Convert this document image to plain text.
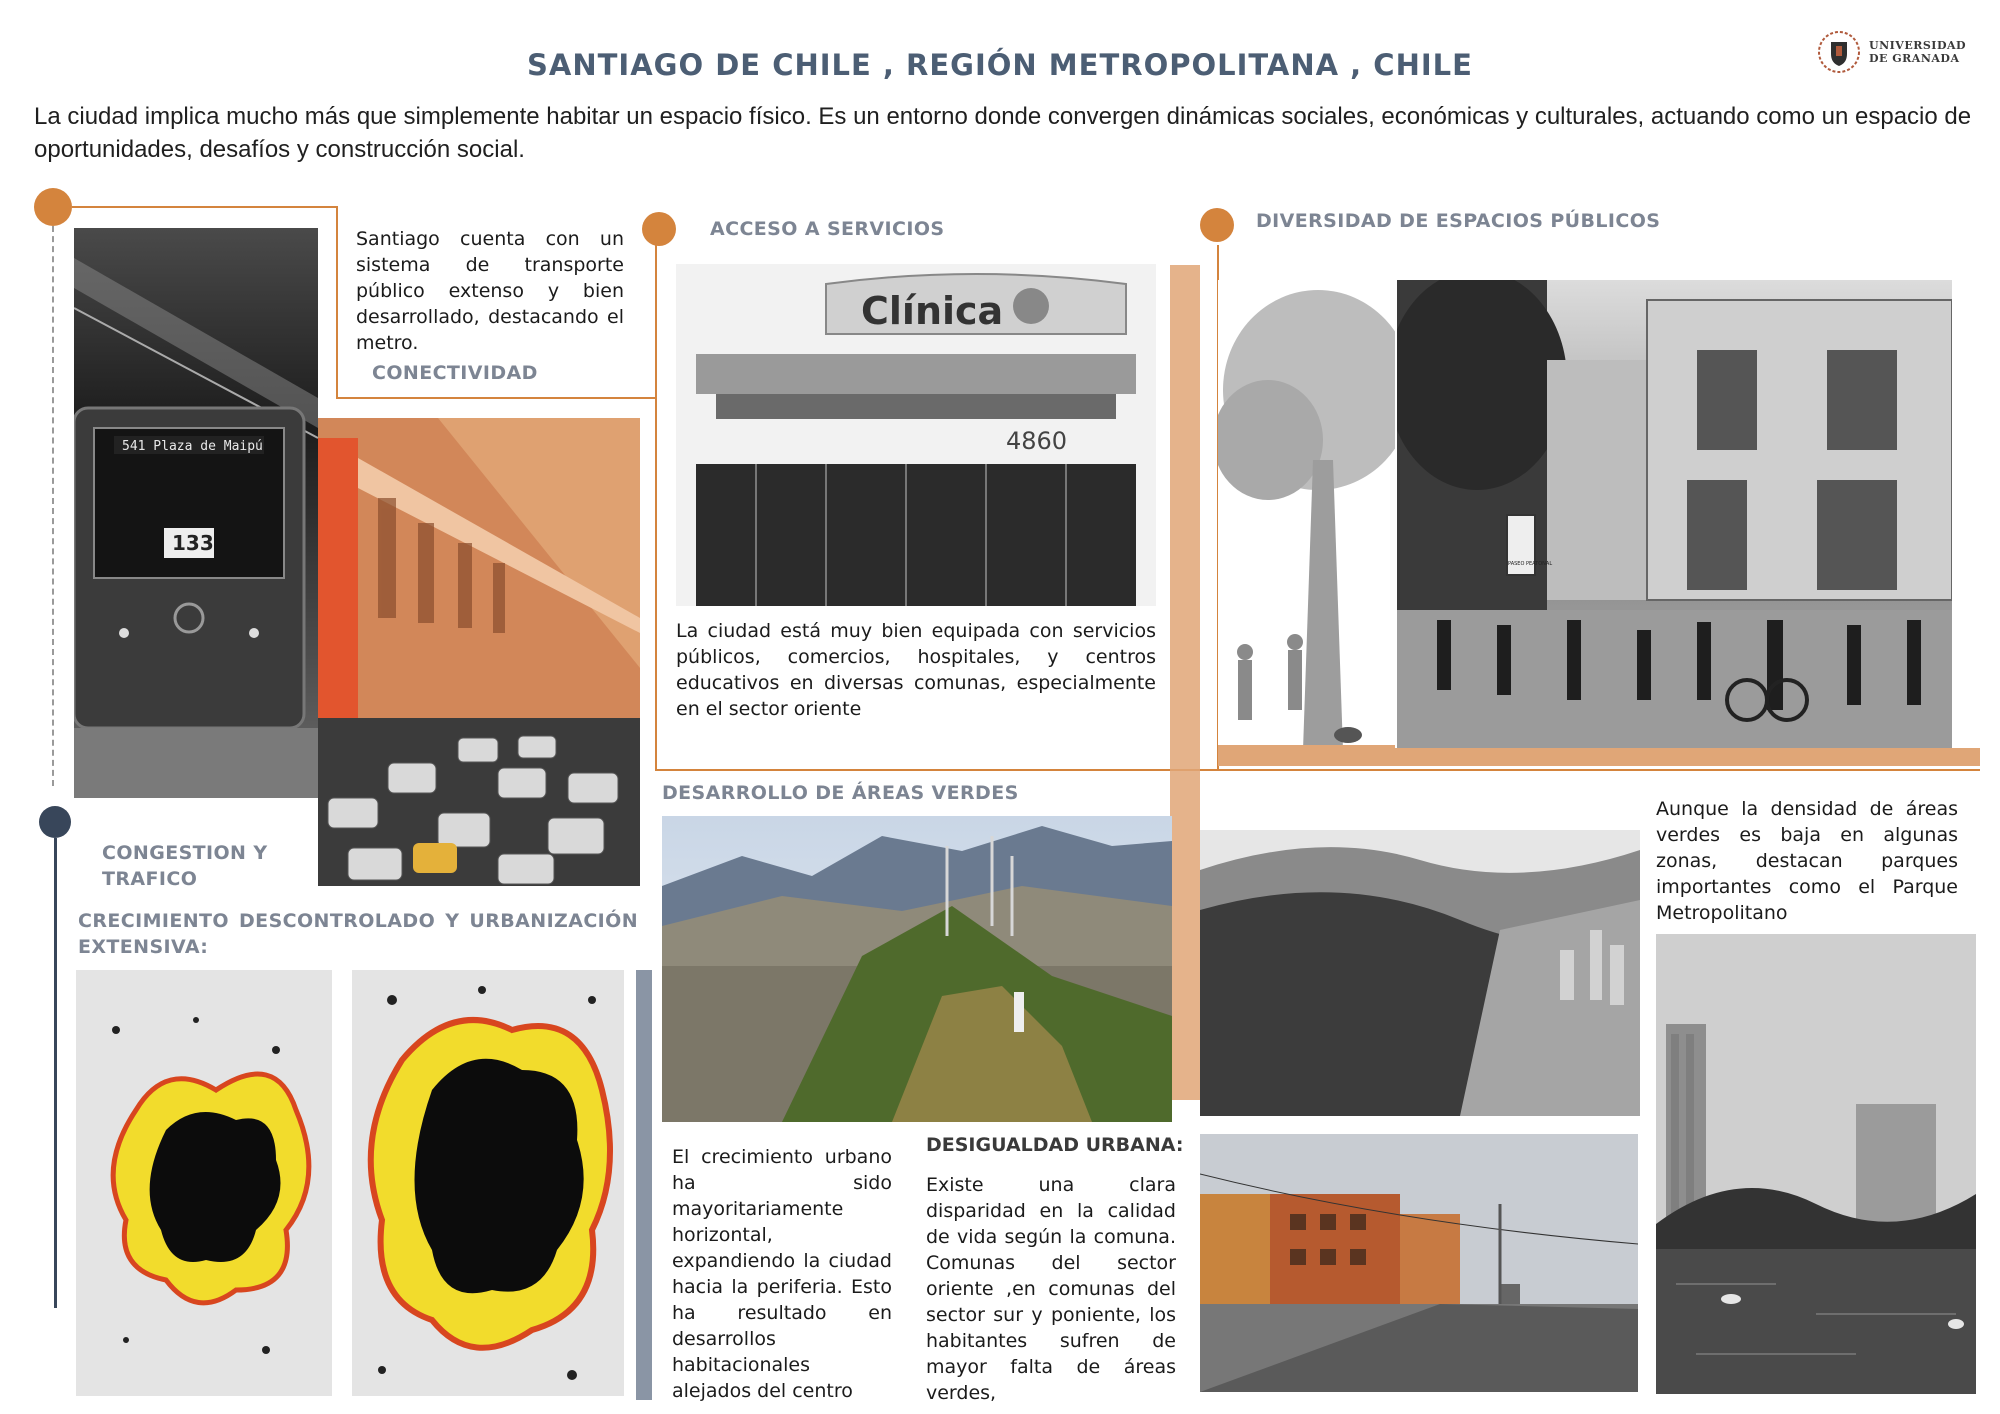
SANTIAGO DE CHILE , REGIÓN METROPOLITANA , CHILE
UNIVERSIDAD
DE GRANADA
La ciudad implica mucho más que simplemente habitar un espacio físico. Es un entorno donde convergen dinámicas sociales, económicas y culturales, actuando como un espacio de oportunidades, desafíos y construcción social.
541 Plaza de Maipú
133
Santiago cuenta con un sistema de transporte público extenso y bien desarrollado, destacando el metro.
CONECTIVIDAD
CONGESTION Y
TRAFICO
ACCESO A SERVICIOS
Clínica
4860
La ciudad está muy bien equipada con servicios públicos, comercios, hospitales, y centros educativos en diversas comunas, especialmente en el sector oriente
DIVERSIDAD DE ESPACIOS PÚBLICOS
PASEO PEATONAL
DESARROLLO DE ÁREAS VERDES
Aunque la densidad de áreas verdes es baja en algunas zonas, destacan parques importantes como el Parque Metropolitano
CRECIMIENTO DESCONTROLADO Y URBANIZACIÓN EXTENSIVA:
El crecimiento urbano ha sido mayoritariamente horizontal, expandiendo la ciudad hacia la periferia. Esto ha resultado en desarrollos habitacionales alejados del centro
DESIGUALDAD URBANA:
Existe una clara disparidad en la calidad de vida según la comuna. Comunas del sector oriente ,en comunas del sector sur y poniente, los habitantes sufren de mayor falta de áreas verdes,
